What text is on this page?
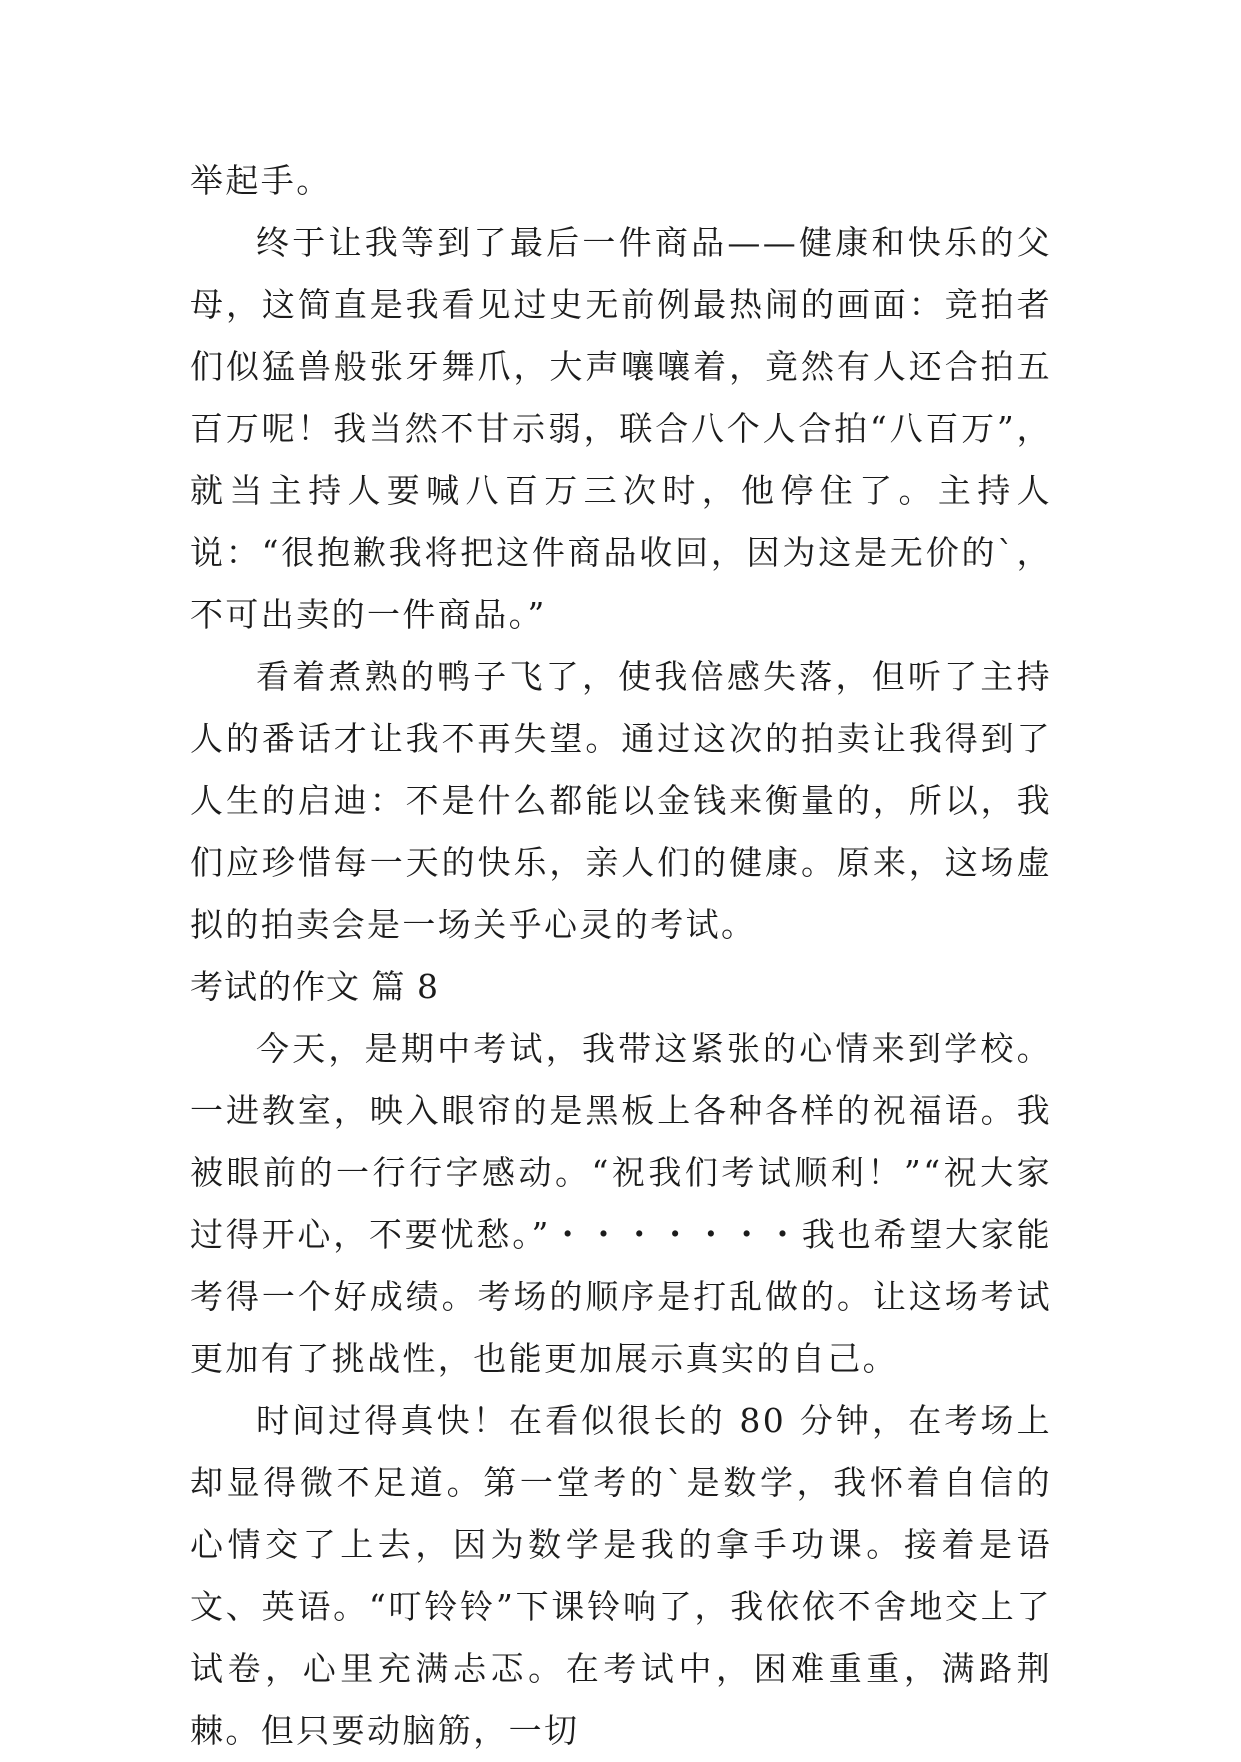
举起手。

终于让我等到了最后一件商品——健康和快乐的父母，这简直是我看见过史无前例最热闹的画面：竞拍者们似猛兽般张牙舞爪，大声嚷嚷着，竟然有人还合拍五百万呢！我当然不甘示弱，联合八个人合拍“八百万”，就当主持人要喊八百万三次时，他停住了。主持人说：“很抱歉我将把这件商品收回，因为这是无价的`，不可出卖的一件商品。”

看着煮熟的鸭子飞了，使我倍感失落，但听了主持人的番话才让我不再失望。通过这次的拍卖让我得到了人生的启迪：不是什么都能以金钱来衡量的，所以，我们应珍惜每一天的快乐，亲人们的健康。原来，这场虚拟的拍卖会是一场关乎心灵的考试。

考试的作文 篇 8

今天，是期中考试，我带这紧张的心情来到学校。一进教室，映入眼帘的是黑板上各种各样的祝福语。我被眼前的一行行字感动。“祝我们考试顺利！”“祝大家过得开心，不要忧愁。”・・・・・・・我也希望大家能考得一个好成绩。考场的顺序是打乱做的。让这场考试更加有了挑战性，也能更加展示真实的自己。

时间过得真快！在看似很长的 80 分钟，在考场上却显得微不足道。第一堂考的`是数学，我怀着自信的心情交了上去，因为数学是我的拿手功课。接着是语文、英语。“叮铃铃”下课铃响了，我依依不舍地交上了试卷，心里充满忐忑。在考试中，困难重重，满路荆棘。但只要动脑筋，一切
